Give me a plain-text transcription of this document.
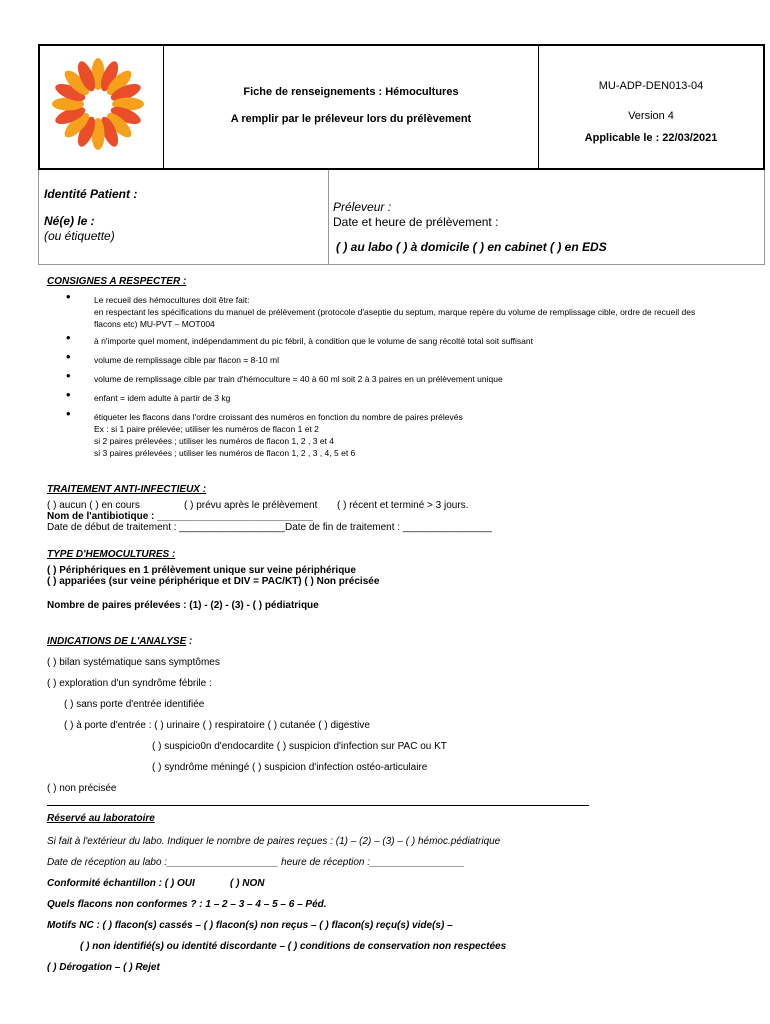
Fiche de renseignements : Hémocultures
A remplir par le préleveur lors du prélèvement
MU-ADP-DEN013-04
Version 4
Applicable le : 22/03/2021
Identité Patient :
Né(e) le :
(ou étiquette)
Préleveur :
Date et heure de prélèvement :
( ) au labo ( ) à domicile ( ) en cabinet ( ) en EDS
CONSIGNES A RESPECTER :
• Le recueil des hémocultures doit être fait:
en respectant les spécifications du manuel de prélèvement (protocole d'aseptie du septum, marque repère du volume de remplissage cible, ordre de recueil des flacons etc) MU-PVT – MOT004
• à n'importe quel moment, indépendamment du pic fébril, à condition que le volume de sang récolté total soit suffisant
• volume de remplissage cible par flacon = 8-10 ml
• volume de remplissage cible par train d'hémoculture = 40 à 60 ml soit 2 à 3 paires en un prélèvement unique
• enfant = idem adulte à partir de 3 kg
• étiqueter les flacons dans l'ordre croissant des numéros en fonction du nombre de paires prélevés
Ex : si 1 paire prélevée; utiliser les numéros de flacon 1 et 2
si 2 paires prélevées ; utiliser les numéros de flacon 1, 2 , 3 et 4
si 3 paires prélevées ; utiliser les numéros de flacon 1, 2 , 3 , 4, 5 et 6
TRAITEMENT ANTI-INFECTIEUX :
( ) aucun ( ) en cours	( ) prévu après le prélèvement ( ) récent et terminé > 3 jours.
Nom de l'antibiotique : ____________________________
Date de début de traitement : ___________________Date de fin de traitement : ________________
TYPE D'HEMOCULTURES :
( ) Périphériques en 1 prélèvement unique sur veine périphérique
( ) appariées (sur veine périphérique et DIV = PAC/KT) ( ) Non précisée
Nombre de paires prélevées : (1) - (2) - (3) - ( ) pédiatrique
INDICATIONS DE L'ANALYSE :
( ) bilan systématique sans symptômes
( ) exploration d'un syndrôme fébrile :
( ) sans porte d'entrée identifiée
( ) à porte d'entrée : ( ) urinaire ( ) respiratoire ( ) cutanée ( ) digestive
( ) suspicio0n d'endocardite ( ) suspicion d'infection sur PAC ou KT
( ) syndrôme méningé ( ) suspicion d'infection ostéo-articulaire
( ) non précisée
Réservé au laboratoire
Si fait à l'extérieur du labo. Indiquer le nombre de paires reçues : (1) – (2) – (3) – ( ) hémoc.pédiatrique
Date de réception au labo :____________________ heure de réception :_________________
Conformité échantillon : ( ) OUI	( ) NON
Quels flacons non conformes ? : 1 – 2 – 3 – 4 – 5 – 6 – Péd.
Motifs NC : ( ) flacon(s) cassés – ( ) flacon(s) non reçus – ( ) flacon(s) reçu(s) vide(s) –
( ) non identifié(s) ou identité discordante – ( ) conditions de conservation non respectées
( ) Dérogation – ( ) Rejet
